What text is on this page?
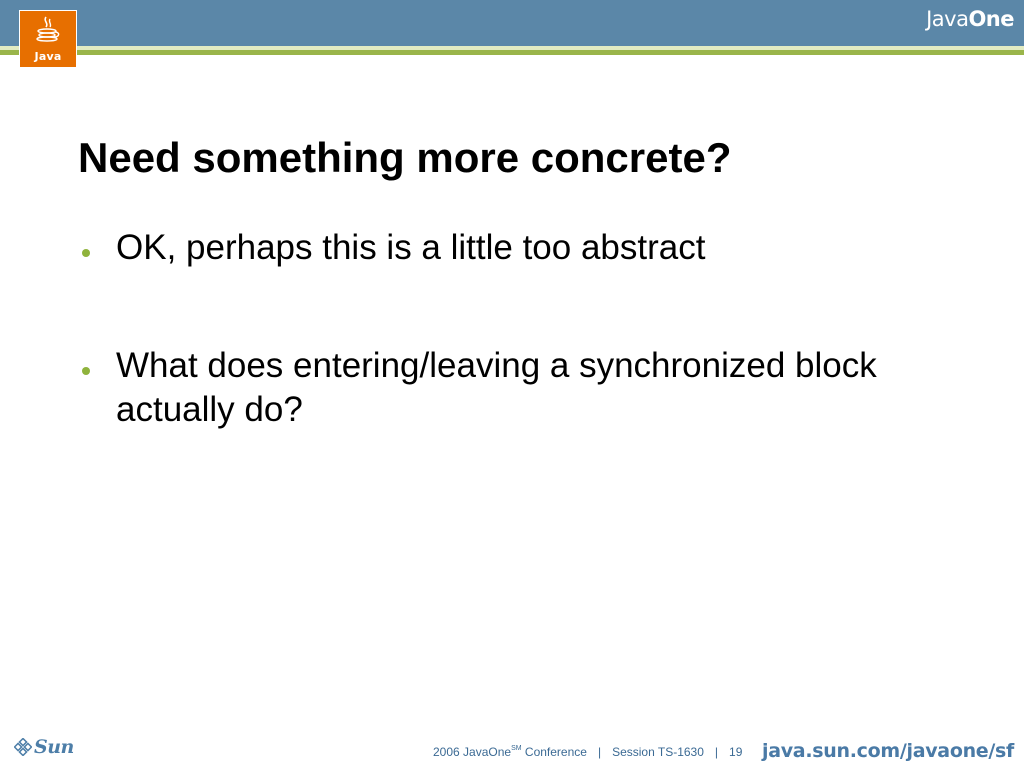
Java
JavaOne
Need something more concrete?
OK, perhaps this is a little too abstract
What does entering/leaving a synchronized block actually do?
Sun	2006 JavaOne℠ Conference | Session TS-1630 | 19 java.sun.com/javaone/sf
